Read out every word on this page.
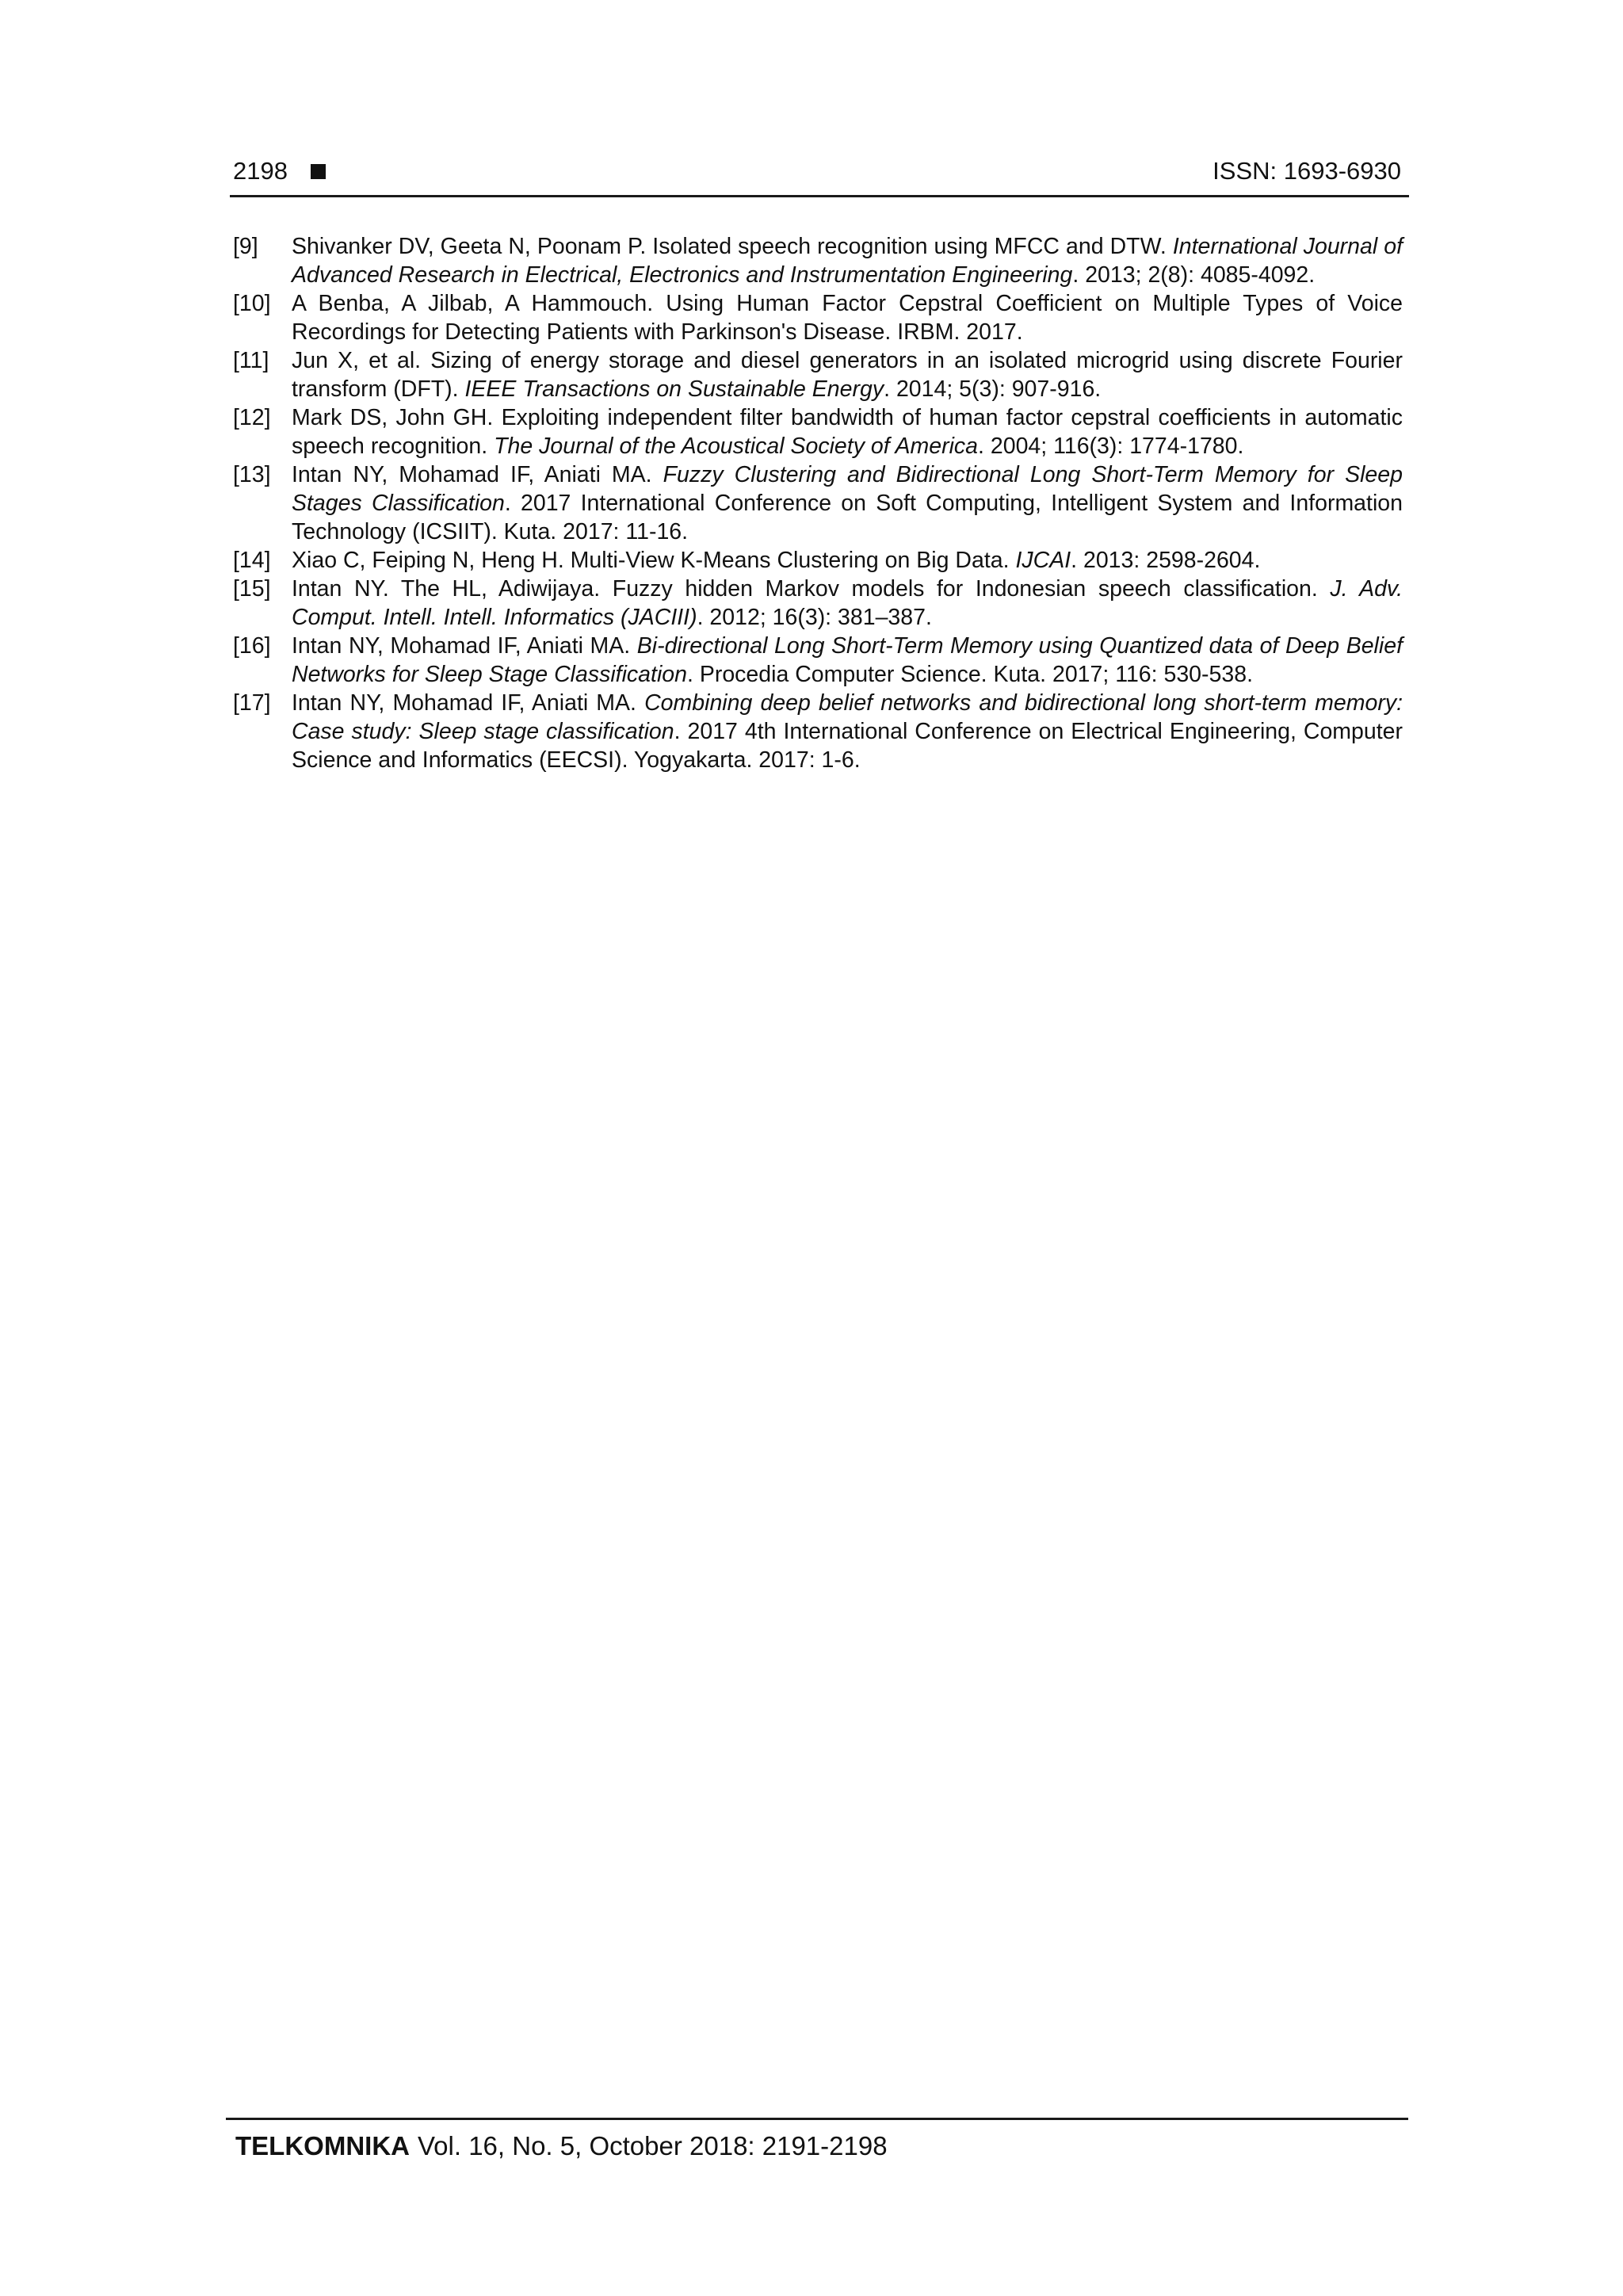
2198	ISSN: 1693-6930
[9] Shivanker DV, Geeta N, Poonam P. Isolated speech recognition using MFCC and DTW. International Journal of Advanced Research in Electrical, Electronics and Instrumentation Engineering. 2013; 2(8): 4085-4092.
[10] A Benba, A Jilbab, A Hammouch. Using Human Factor Cepstral Coefficient on Multiple Types of Voice Recordings for Detecting Patients with Parkinson's Disease. IRBM. 2017.
[11] Jun X, et al. Sizing of energy storage and diesel generators in an isolated microgrid using discrete Fourier transform (DFT). IEEE Transactions on Sustainable Energy. 2014; 5(3): 907-916.
[12] Mark DS, John GH. Exploiting independent filter bandwidth of human factor cepstral coefficients in automatic speech recognition. The Journal of the Acoustical Society of America. 2004; 116(3): 1774-1780.
[13] Intan NY, Mohamad IF, Aniati MA. Fuzzy Clustering and Bidirectional Long Short-Term Memory for Sleep Stages Classification. 2017 International Conference on Soft Computing, Intelligent System and Information Technology (ICSIIT). Kuta. 2017: 11-16.
[14] Xiao C, Feiping N, Heng H. Multi-View K-Means Clustering on Big Data. IJCAI. 2013: 2598-2604.
[15] Intan NY. The HL, Adiwijaya. Fuzzy hidden Markov models for Indonesian speech classification. J. Adv. Comput. Intell. Intell. Informatics (JACIII). 2012; 16(3): 381–387.
[16] Intan NY, Mohamad IF, Aniati MA. Bi-directional Long Short-Term Memory using Quantized data of Deep Belief Networks for Sleep Stage Classification. Procedia Computer Science. Kuta. 2017; 116: 530-538.
[17] Intan NY, Mohamad IF, Aniati MA. Combining deep belief networks and bidirectional long short-term memory: Case study: Sleep stage classification. 2017 4th International Conference on Electrical Engineering, Computer Science and Informatics (EECSI). Yogyakarta. 2017: 1-6.
TELKOMNIKA Vol. 16, No. 5, October 2018: 2191-2198
